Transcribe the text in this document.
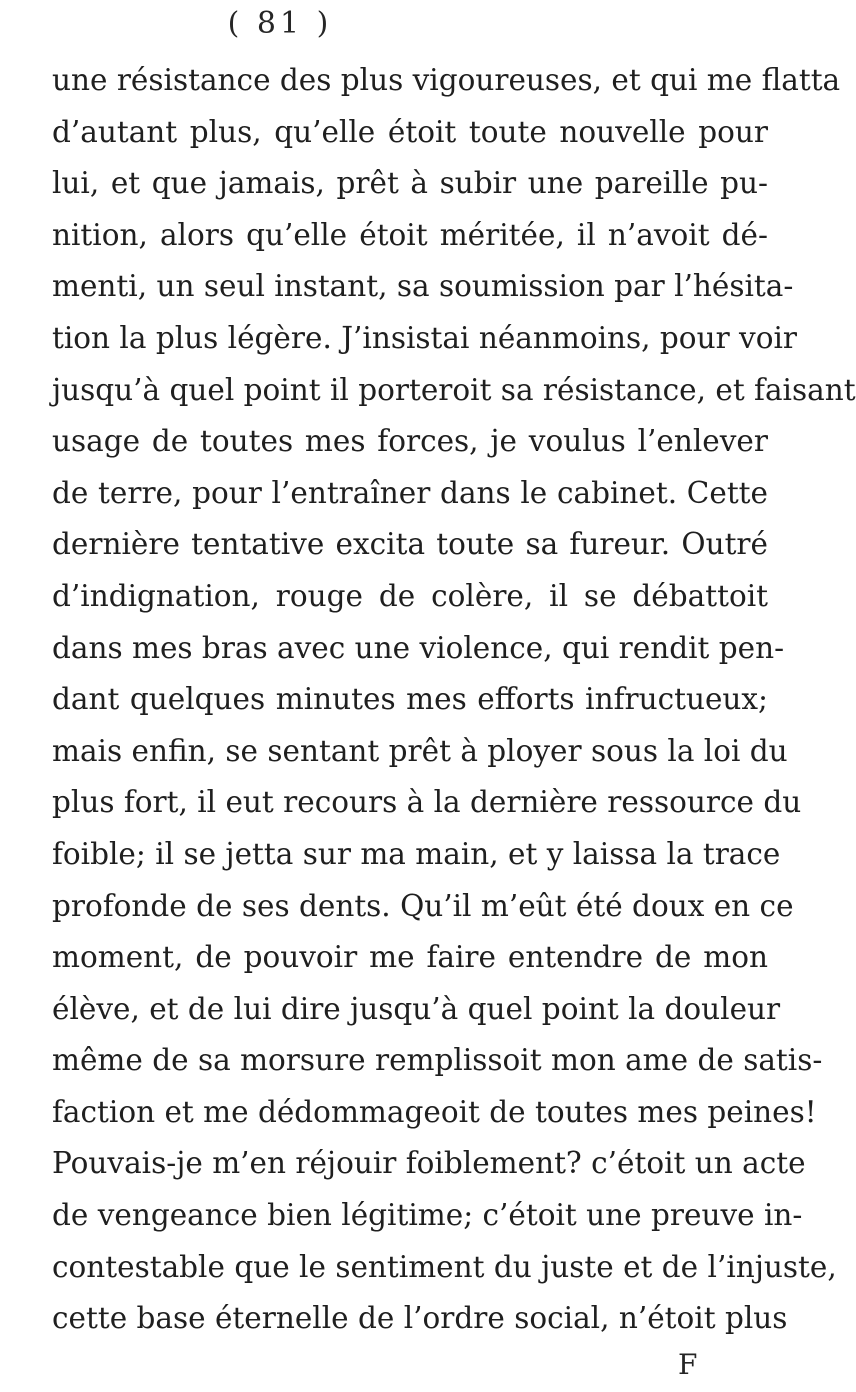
( 81 )
une résistance des plus vigoureuses, et qui me flatta
d’autant plus, qu’elle étoit toute nouvelle pour
lui, et que jamais, prêt à subir une pareille pu-
nition, alors qu’elle étoit méritée, il n’avoit dé-
menti, un seul instant, sa soumission par l’hésita-
tion la plus légère. J’insistai néanmoins, pour voir
jusqu’à quel point il porteroit sa résistance, et faisant
usage de toutes mes forces, je voulus l’enlever
de terre, pour l’entraîner dans le cabinet. Cette
dernière tentative excita toute sa fureur. Outré
d’indignation, rouge de colère, il se débattoit
dans mes bras avec une violence, qui rendit pen-
dant quelques minutes mes efforts infructueux;
mais enfin, se sentant prêt à ployer sous la loi du
plus fort, il eut recours à la dernière ressource du
foible; il se jetta sur ma main, et y laissa la trace
profonde de ses dents. Qu’il m’eût été doux en ce
moment, de pouvoir me faire entendre de mon
élève, et de lui dire jusqu’à quel point la douleur
même de sa morsure remplissoit mon ame de satis-
faction et me dédommageoit de toutes mes peines!
Pouvais-je m’en réjouir foiblement? c’étoit un acte
de vengeance bien légitime; c’étoit une preuve in-
contestable que le sentiment du juste et de l’injuste,
cette base éternelle de l’ordre social, n’étoit plus
F
